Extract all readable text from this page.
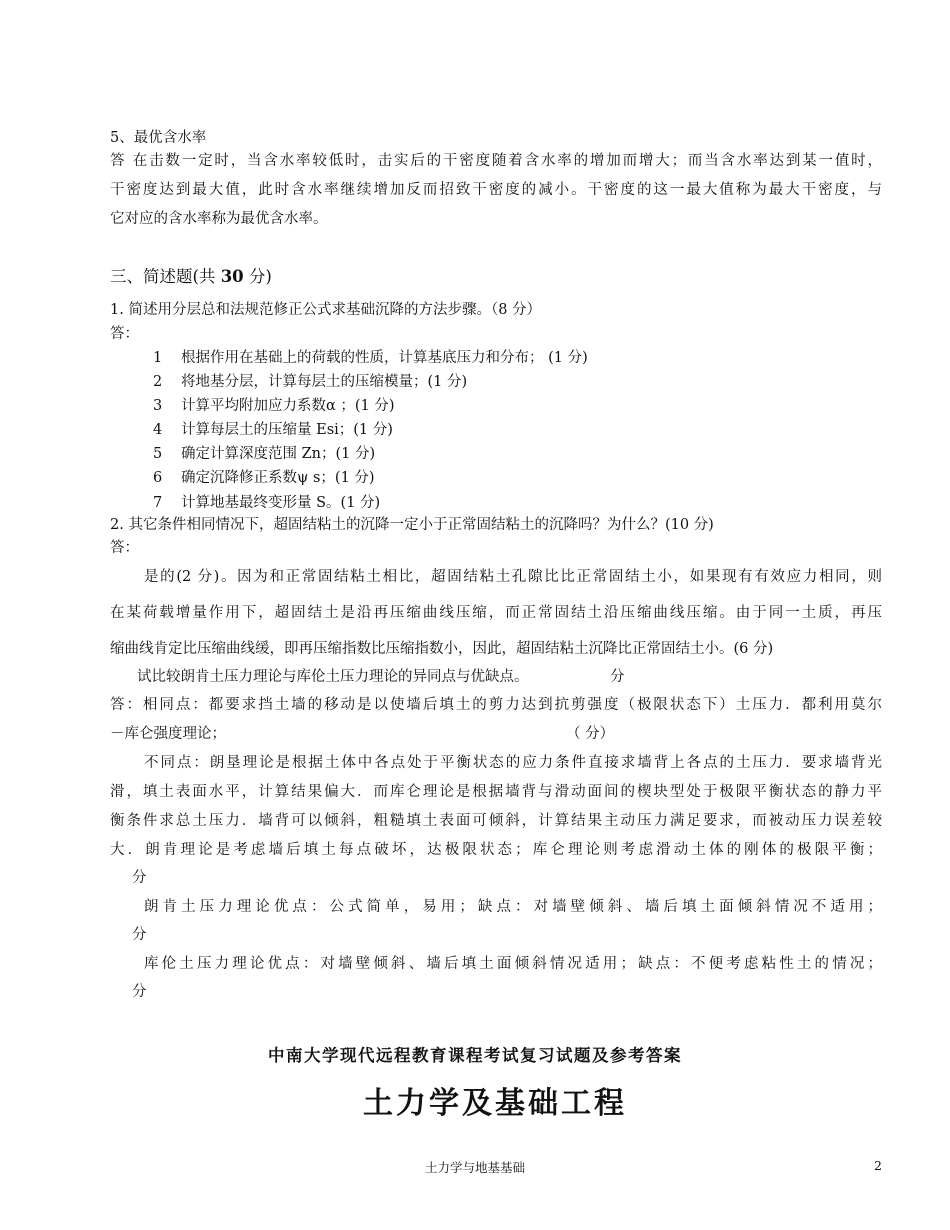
5、最优含水率
答 在击数一定时，当含水率较低时，击实后的干密度随着含水率的增加而增大；而当含水率达到某一值时，
干密度达到最大值，此时含水率继续增加反而招致干密度的减小。干密度的这一最大值称为最大干密度，与
它对应的含水率称为最优含水率。
三、简述题(共 30 分)
1. 简述用分层总和法规范修正公式求基础沉降的方法步骤。（8 分）
答：
1 根据作用在基础上的荷载的性质，计算基底压力和分布； (1 分)
2 将地基分层，计算每层土的压缩模量；(1 分)
3 计算平均附加应力系数α ；(1 分)
4 计算每层土的压缩量 Esi；(1 分)
5 确定计算深度范围 Zn；(1 分)
6 确定沉降修正系数ψ s；(1 分)
7 计算地基最终变形量 S。(1 分)
2. 其它条件相同情况下，超固结粘土的沉降一定小于正常固结粘土的沉降吗？为什么？(10 分)
答：
是的(2 分)。因为和正常固结粘土相比，超固结粘土孔隙比比正常固结土小，如果现有有效应力相同，则
在某荷载增量作用下，超固结土是沿再压缩曲线压缩，而正常固结土沿压缩曲线压缩。由于同一土质，再压
缩曲线肯定比压缩曲线缓，即再压缩指数比压缩指数小，因此，超固结粘土沉降比正常固结土小。(6 分)
试比较朗肯土压力理论与库伦土压力理论的异同点与优缺点。	分
答：相同点：都要求挡土墙的移动是以使墙后填土的剪力达到抗剪强度（极限状态下）土压力．都利用莫尔
－库仑强度理论；	（ 分）
不同点：朗垦理论是根据土体中各点处于平衡状态的应力条件直接求墙背上各点的土压力．要求墙背光
滑，填土表面水平，计算结果偏大．而库仑理论是根据墙背与滑动面间的楔块型处于极限平衡状态的静力平
衡条件求总土压力．墙背可以倾斜，粗糙填土表面可倾斜，计算结果主动压力满足要求，而被动压力误差较
大．朗肯理论是考虑墙后填土每点破坏，达极限状态；库仑理论则考虑滑动土体的刚体的极限平衡；
分
朗肯土压力理论优点：公式简单，易用；缺点：对墙壁倾斜、墙后填土面倾斜情况不适用；
分
库伦土压力理论优点：对墙壁倾斜、墙后填土面倾斜情况适用；缺点：不便考虑粘性土的情况；
分
中南大学现代远程教育课程考试复习试题及参考答案
土力学及基础工程
土力学与地基基础	2
